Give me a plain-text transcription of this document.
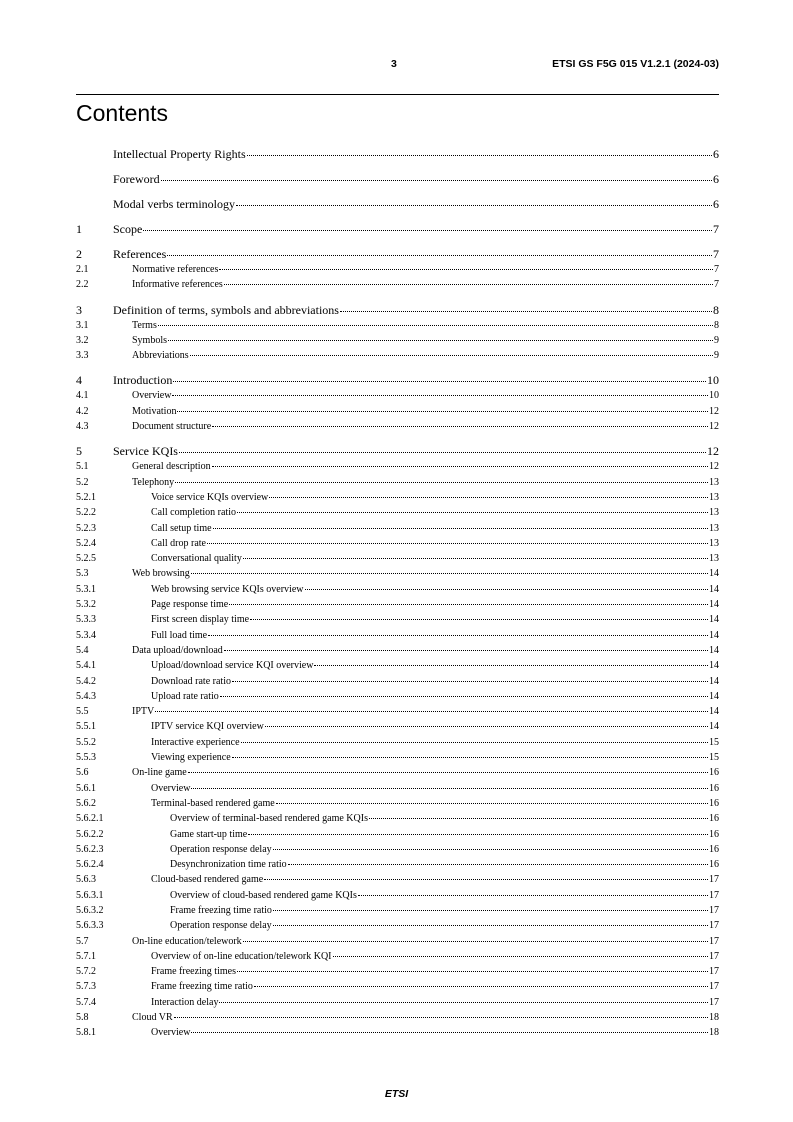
3	ETSI GS F5G 015 V1.2.1 (2024-03)
Contents
Intellectual Property Rights	6
Foreword	6
Modal verbs terminology	6
1	Scope	7
2	References	7
2.1	Normative references	7
2.2	Informative references	7
3	Definition of terms, symbols and abbreviations	8
3.1	Terms	8
3.2	Symbols	9
3.3	Abbreviations	9
4	Introduction	10
4.1	Overview	10
4.2	Motivation	12
4.3	Document structure	12
5	Service KQIs	12
5.1	General description	12
5.2	Telephony	13
5.2.1	Voice service KQIs overview	13
5.2.2	Call completion ratio	13
5.2.3	Call setup time	13
5.2.4	Call drop rate	13
5.2.5	Conversational quality	13
5.3	Web browsing	14
5.3.1	Web browsing service KQIs overview	14
5.3.2	Page response time	14
5.3.3	First screen display time	14
5.3.4	Full load time	14
5.4	Data upload/download	14
5.4.1	Upload/download service KQI overview	14
5.4.2	Download rate ratio	14
5.4.3	Upload rate ratio	14
5.5	IPTV	14
5.5.1	IPTV service KQI overview	14
5.5.2	Interactive experience	15
5.5.3	Viewing experience	15
5.6	On-line game	16
5.6.1	Overview	16
5.6.2	Terminal-based rendered game	16
5.6.2.1	Overview of terminal-based rendered game KQIs	16
5.6.2.2	Game start-up time	16
5.6.2.3	Operation response delay	16
5.6.2.4	Desynchronization time ratio	16
5.6.3	Cloud-based rendered game	17
5.6.3.1	Overview of cloud-based rendered game KQIs	17
5.6.3.2	Frame freezing time ratio	17
5.6.3.3	Operation response delay	17
5.7	On-line education/telework	17
5.7.1	Overview of on-line education/telework KQI	17
5.7.2	Frame freezing times	17
5.7.3	Frame freezing time ratio	17
5.7.4	Interaction delay	17
5.8	Cloud VR	18
5.8.1	Overview	18
ETSI
